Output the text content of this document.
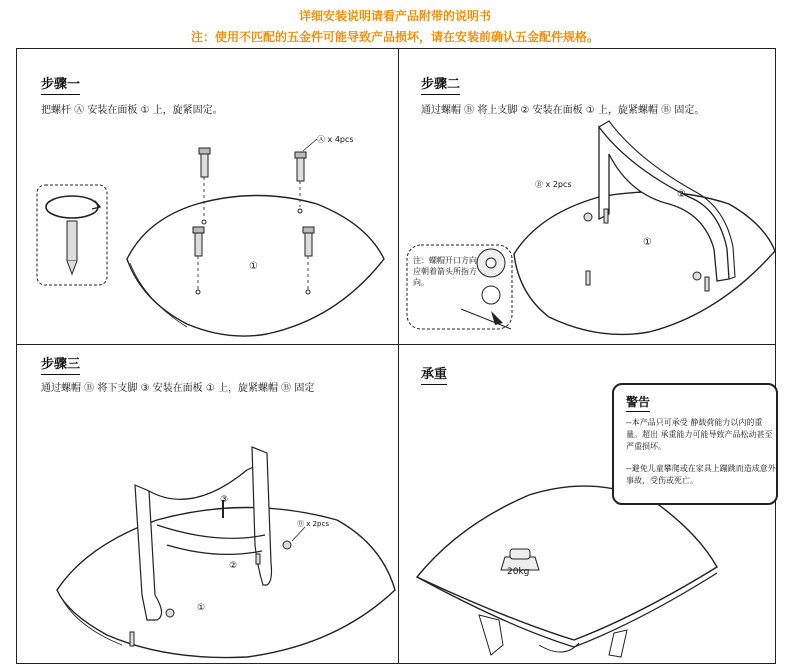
详细安装说明请看产品附带的说明书
注：使用不匹配的五金件可能导致产品损坏，请在安装前确认五金配件规格。
步骤一
把螺杆 Ⓐ 安装在面板 ① 上，旋紧固定。
Ⓐ x 4pcs
①
步骤二
通过螺帽 Ⓑ 将上支脚 ② 安装在面板 ① 上，旋紧螺帽 Ⓑ 固定。
Ⓑ x 2pcs
①
②
注：螺帽开口方向应朝着箭头所指方向。
步骤三
通过螺帽 Ⓑ 将下支脚 ③ 安装在面板 ① 上，旋紧螺帽 Ⓑ 固定
Ⓑ x 2pcs
①
②
③
承重
20kg
警告
--本产品只可承受 静载荷能力以内的重量。超出 承重能力可能导致产品松动甚至严重损坏。
--避免儿童攀爬或在家具上蹦跳而造成意外事故，受伤或死亡。
